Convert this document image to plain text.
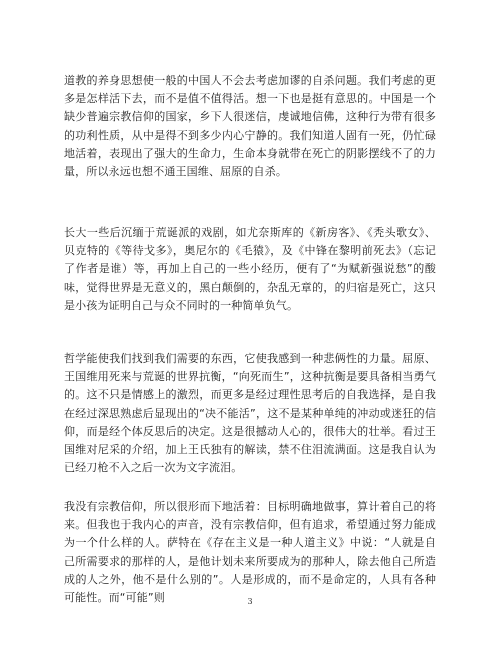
道教的养身思想使一般的中国人不会去考虑加谬的自杀问题。我们考虑的更多是怎样活下去，而不是值不值得活。想一下也是挺有意思的。中国是一个缺少普遍宗教信仰的国家，乡下人很迷信，虔诚地信佛，这种行为带有很多的功利性质，从中是得不到多少内心宁静的。我们知道人固有一死，仍忙碌地活着，表现出了强大的生命力，生命本身就带在死亡的阴影摆线不了的力量，所以永远也想不通王国维、屈原的自杀。

长大一些后沉缅于荒诞派的戏剧，如尤奈斯库的《新房客》、《秃头歌女》、贝克特的《等待戈多》，奥尼尔的《毛猿》，及《中锋在黎明前死去》（忘记了作者是谁）等，再加上自己的一些小经历，便有了“为赋新强说愁”的酸味，觉得世界是无意义的，黑白颠倒的，杂乱无章的，的归宿是死亡，这只是小孩为证明自己与众不同时的一种简单负气。

哲学能使我们找到我们需要的东西，它使我感到一种悲俩性的力量。屈原、王国维用死来与荒诞的世界抗衡，“向死而生”，这种抗衡是要具备相当勇气的。这不只是情感上的激烈，而更多是经过理性思考后的自我选择，是自我在经过深思熟虑后显现出的“决不能活”，这不是某种单纯的冲动或迷狂的信仰，而是经个体反思后的决定。这是很撼动人心的，很伟大的壮举。看过王国维对尼采的介绍，加上王氏独有的解读，禁不住泪流满面。这是我自认为已经刀枪不入之后一次为文字流泪。

我没有宗教信仰，所以很形而下地活着：目标明确地做事，算计着自己的将来。但我也于我内心的声音，没有宗教信仰，但有追求，希望通过努力能成为一个什么样的人。萨特在《存在主义是一种人道主义》中说：“人就是自己所需要求的那样的人，是他计划未来所要成为的那种人，除去他自己所造成的人之外，他不是什么别的”。人是形成的，而不是命定的，人具有各种可能性。而“可能”则	3
